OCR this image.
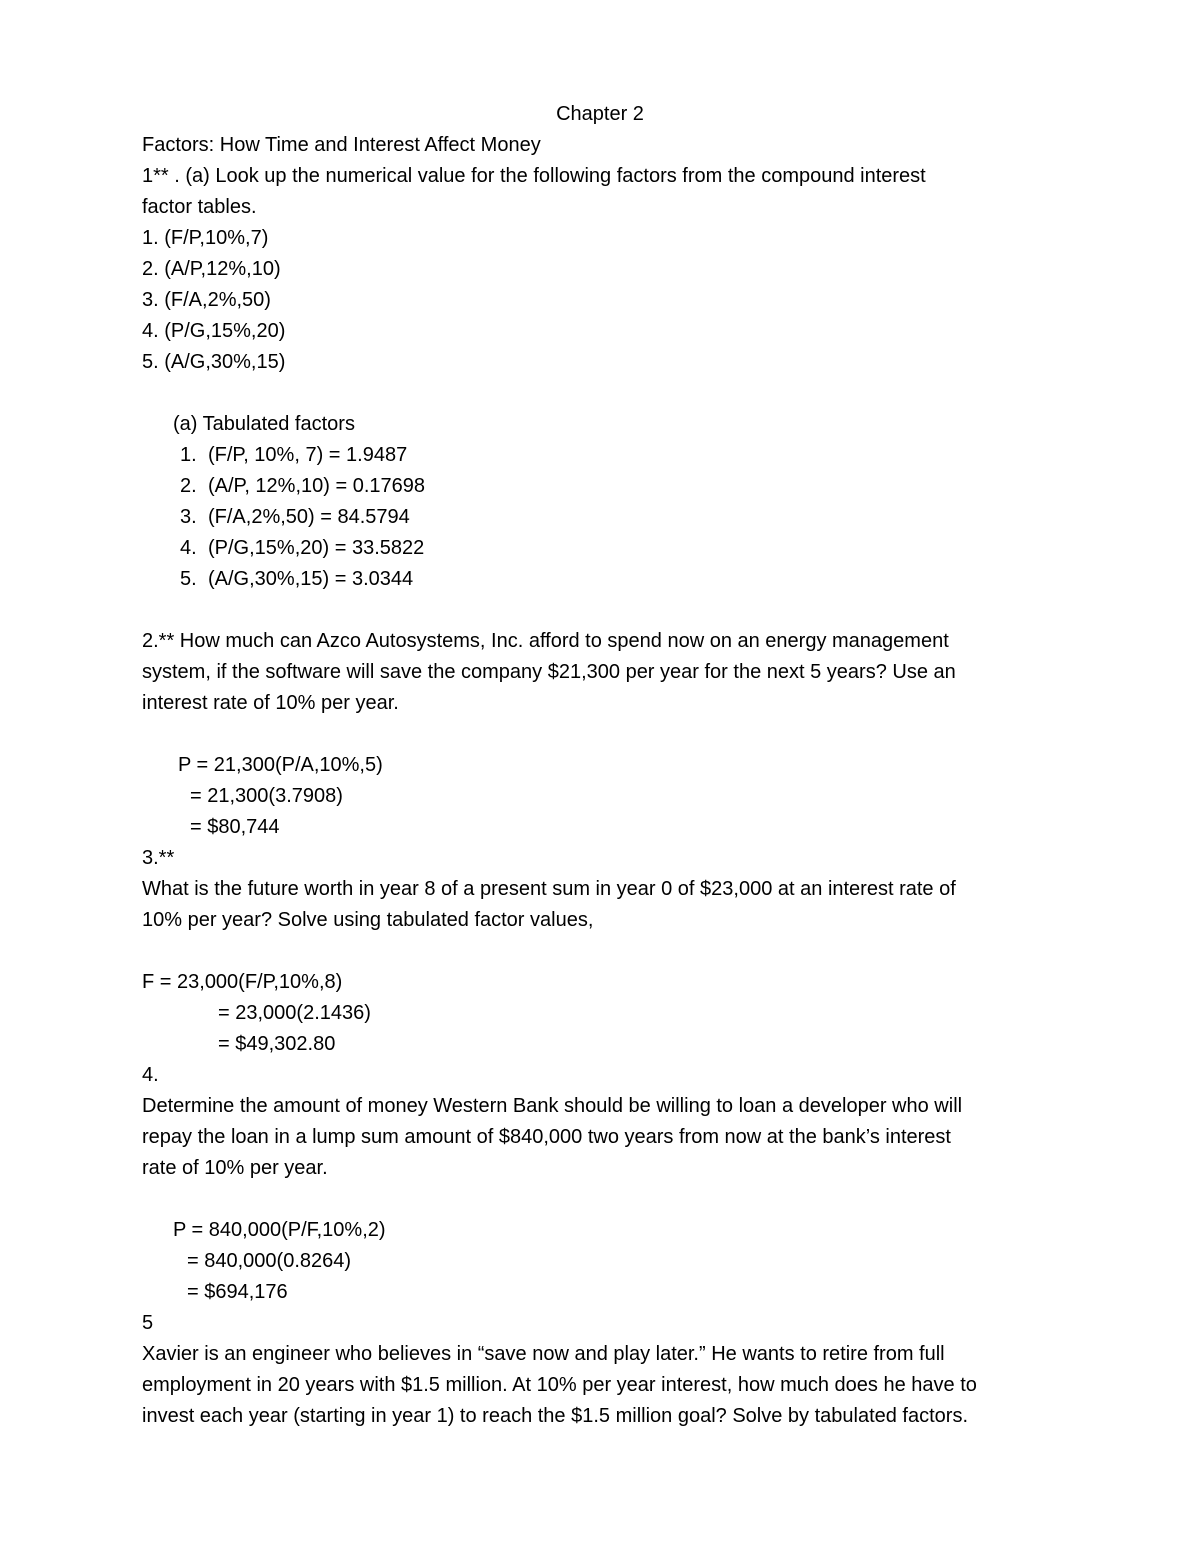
Chapter 2
Factors: How Time and Interest Affect Money
1** . (a) Look up the numerical value for the following factors from the compound interest
factor tables.
1. (F/P,10%,7)
2. (A/P,12%,10)
3. (F/A,2%,50)
4. (P/G,15%,20)
5. (A/G,30%,15)
(a) Tabulated factors
1. (F/P, 10%, 7) = 1.9487
2. (A/P, 12%,10) = 0.17698
3. (F/A,2%,50) = 84.5794
4. (P/G,15%,20) = 33.5822
5. (A/G,30%,15) = 3.0344
2.** How much can Azco Autosystems, Inc. afford to spend now on an energy management
system, if the software will save the company $21,300 per year for the next 5 years? Use an
interest rate of 10% per year.
P = 21,300(P/A,10%,5)
= 21,300(3.7908)
= $80,744
3.**
What is the future worth in year 8 of a present sum in year 0 of $23,000 at an interest rate of
10% per year? Solve using tabulated factor values,
F = 23,000(F/P,10%,8)
= 23,000(2.1436)
= $49,302.80
4.
Determine the amount of money Western Bank should be willing to loan a developer who will
repay the loan in a lump sum amount of $840,000 two years from now at the bank’s interest
rate of 10% per year.
P = 840,000(P/F,10%,2)
= 840,000(0.8264)
= $694,176
5
Xavier is an engineer who believes in “save now and play later.” He wants to retire from full
employment in 20 years with $1.5 million. At 10% per year interest, how much does he have to
invest each year (starting in year 1) to reach the $1.5 million goal? Solve by tabulated factors.
